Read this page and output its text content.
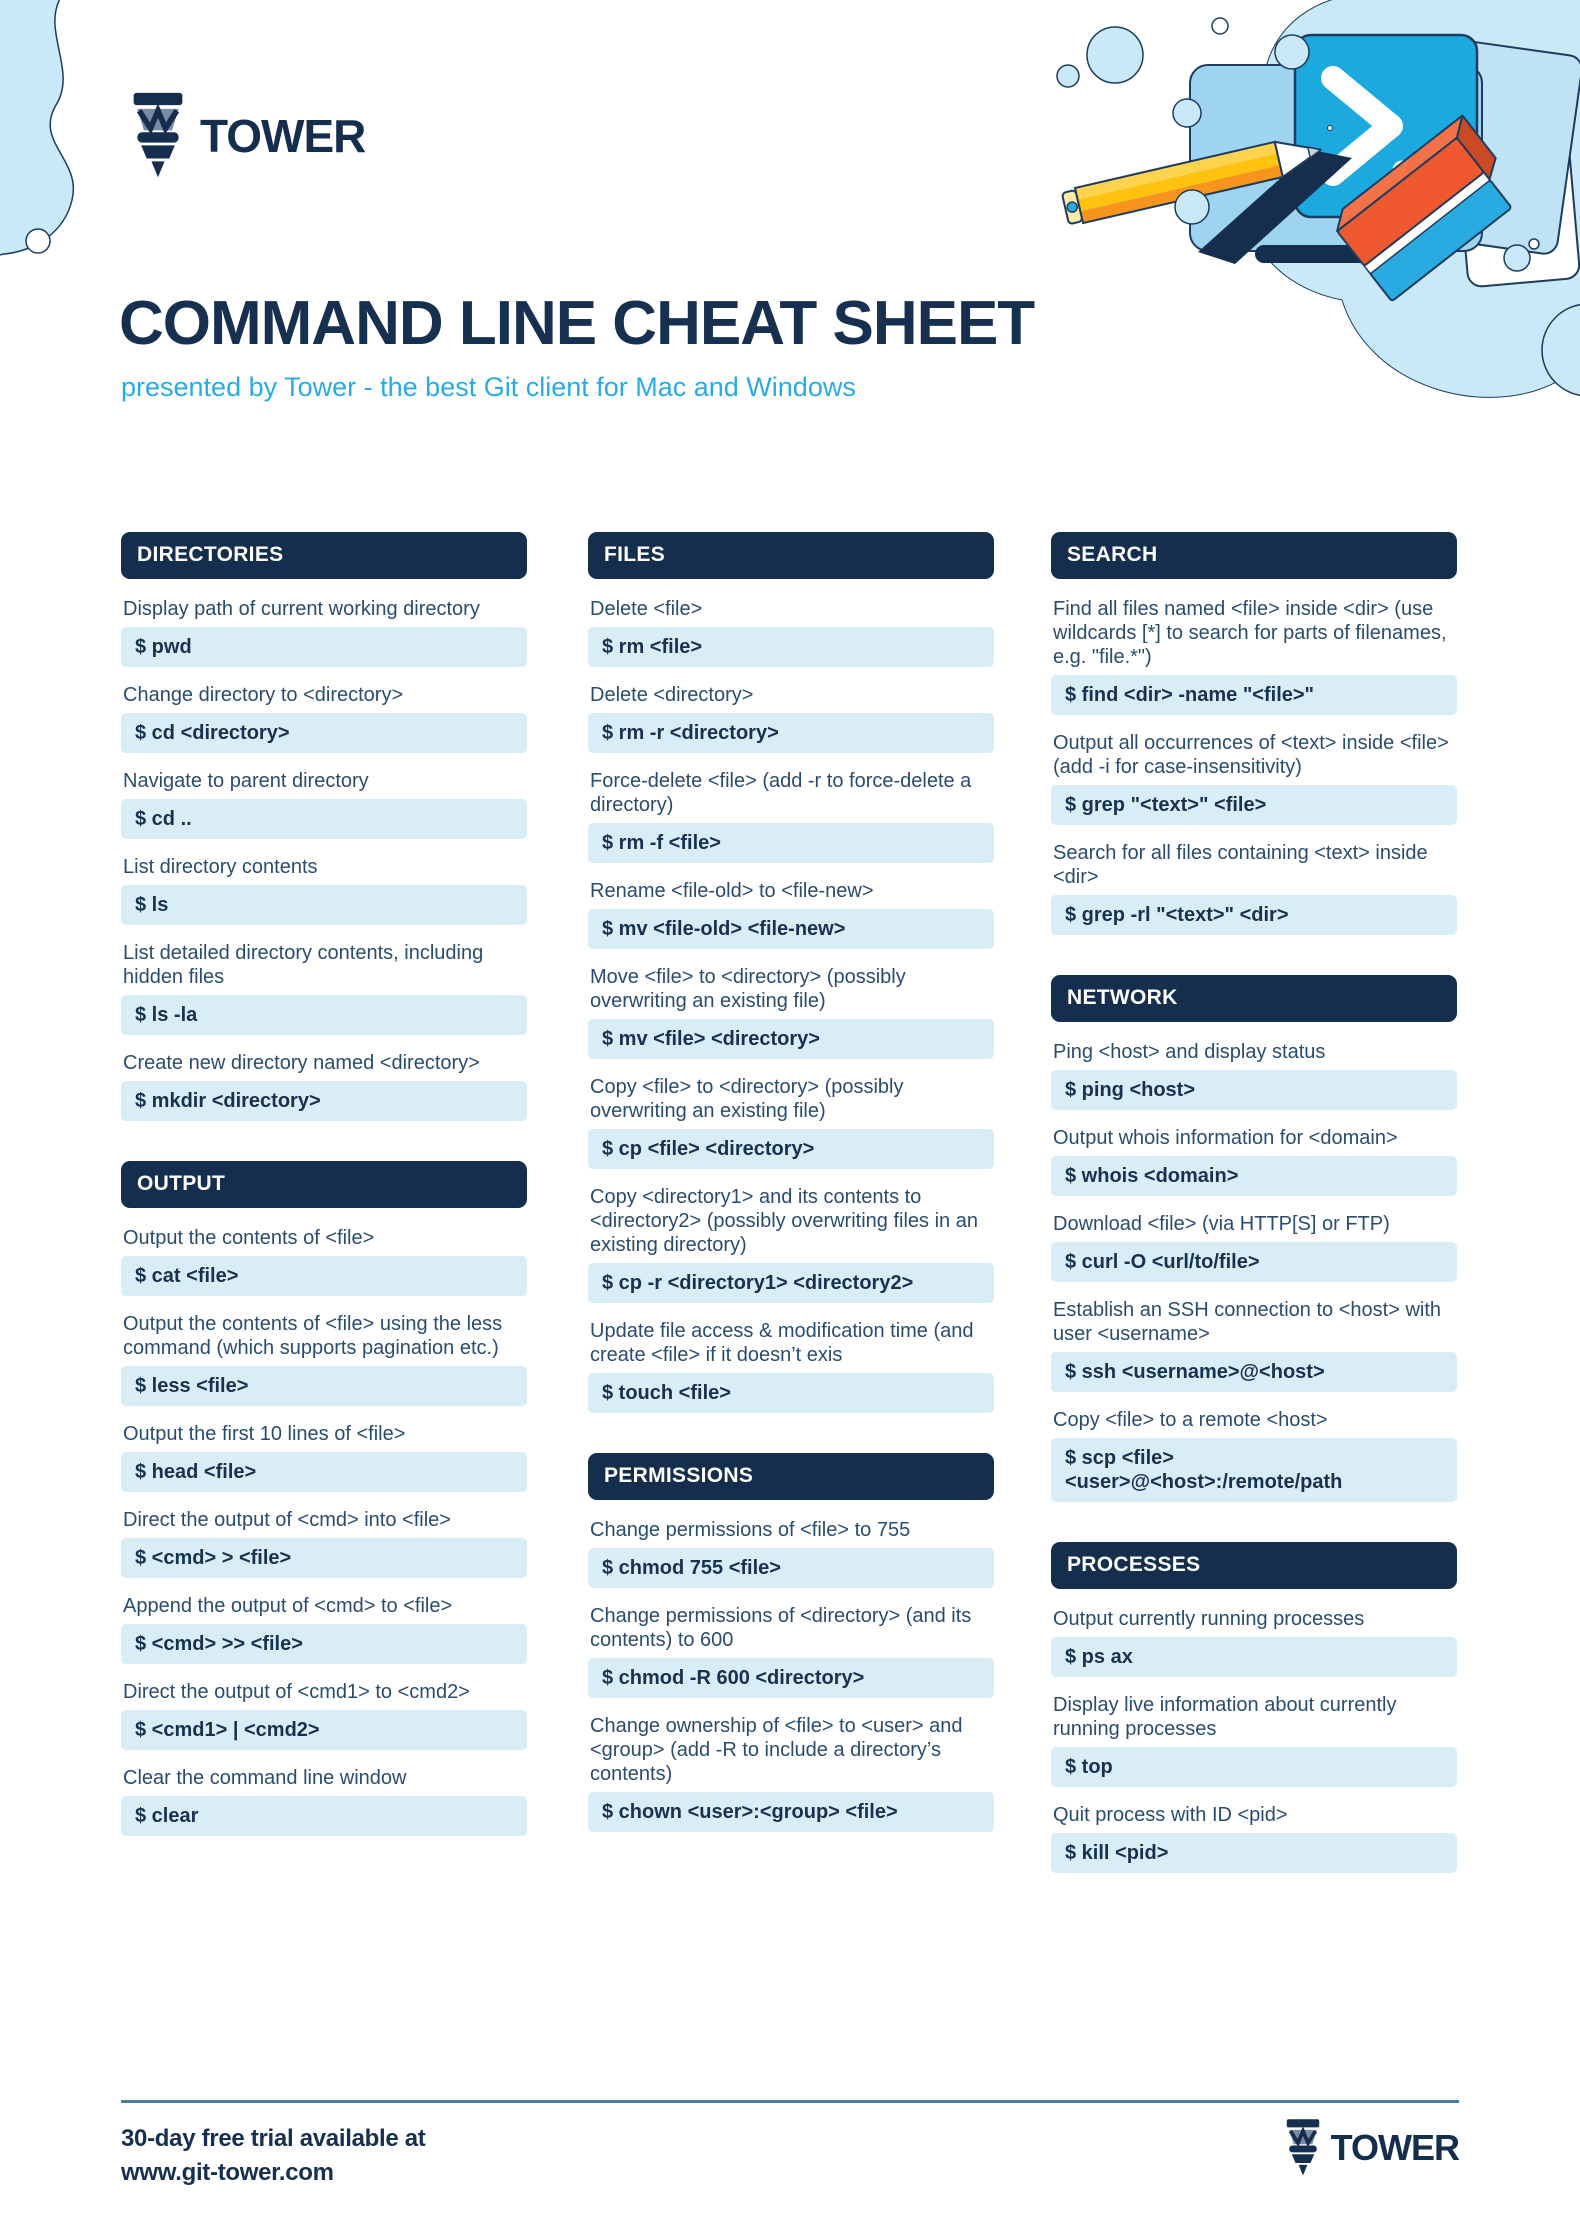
TOWER
COMMAND LINE CHEAT SHEET
presented by Tower - the best Git client for Mac and Windows
DIRECTORIES
Display path of current working directory
$ pwd
Change directory to <directory>
$ cd <directory>
Navigate to parent directory
$ cd ..
List directory contents
$ ls
List detailed directory contents, including hidden files
$ ls -la
Create new directory named <directory>
$ mkdir <directory>
OUTPUT
Output the contents of <file>
$ cat <file>
Output the contents of <file> using the less command (which supports pagination etc.)
$ less <file>
Output the first 10 lines of <file>
$ head <file>
Direct the output of <cmd> into <file>
$ <cmd> > <file>
Append the output of <cmd> to <file>
$ <cmd> >> <file>
Direct the output of <cmd1> to <cmd2>
$ <cmd1> | <cmd2>
Clear the command line window
$ clear
FILES
Delete <file>
$ rm <file>
Delete <directory>
$ rm -r <directory>
Force-delete <file> (add -r to force-delete a directory)
$ rm -f <file>
Rename <file-old> to <file-new>
$ mv <file-old> <file-new>
Move <file> to <directory> (possibly overwriting an existing file)
$ mv <file> <directory>
Copy <file> to <directory> (possibly overwriting an existing file)
$ cp <file> <directory>
Copy <directory1> and its contents to <directory2> (possibly overwriting files in an existing directory)
$ cp -r <directory1> <directory2>
Update file access & modification time (and create <file> if it doesn’t exis
$ touch <file>
PERMISSIONS
Change permissions of <file> to 755
$ chmod 755 <file>
Change permissions of <directory> (and its contents) to 600
$ chmod -R 600 <directory>
Change ownership of <file> to <user> and <group> (add -R to include a directory’s contents)
$ chown <user>:<group> <file>
SEARCH
Find all files named <file> inside <dir> (use wildcards [*] to search for parts of filenames, e.g. "file.*")
$ find <dir> -name "<file>"
Output all occurrences of <text> inside <file> (add -i for case-insensitivity)
$ grep "<text>" <file>
Search for all files containing <text> inside <dir>
$ grep -rl "<text>" <dir>
NETWORK
Ping <host> and display status
$ ping <host>
Output whois information for <domain>
$ whois <domain>
Download <file> (via HTTP[S] or FTP)
$ curl -O <url/to/file>
Establish an SSH connection to <host> with user <username>
$ ssh <username>@<host>
Copy <file> to a remote <host>
$ scp <file> <user>@<host>:/remote/path
PROCESSES
Output currently running processes
$ ps ax
Display live information about currently running processes
$ top
Quit process with ID <pid>
$ kill <pid>
30-day free trial available at
www.git-tower.com
TOWER
